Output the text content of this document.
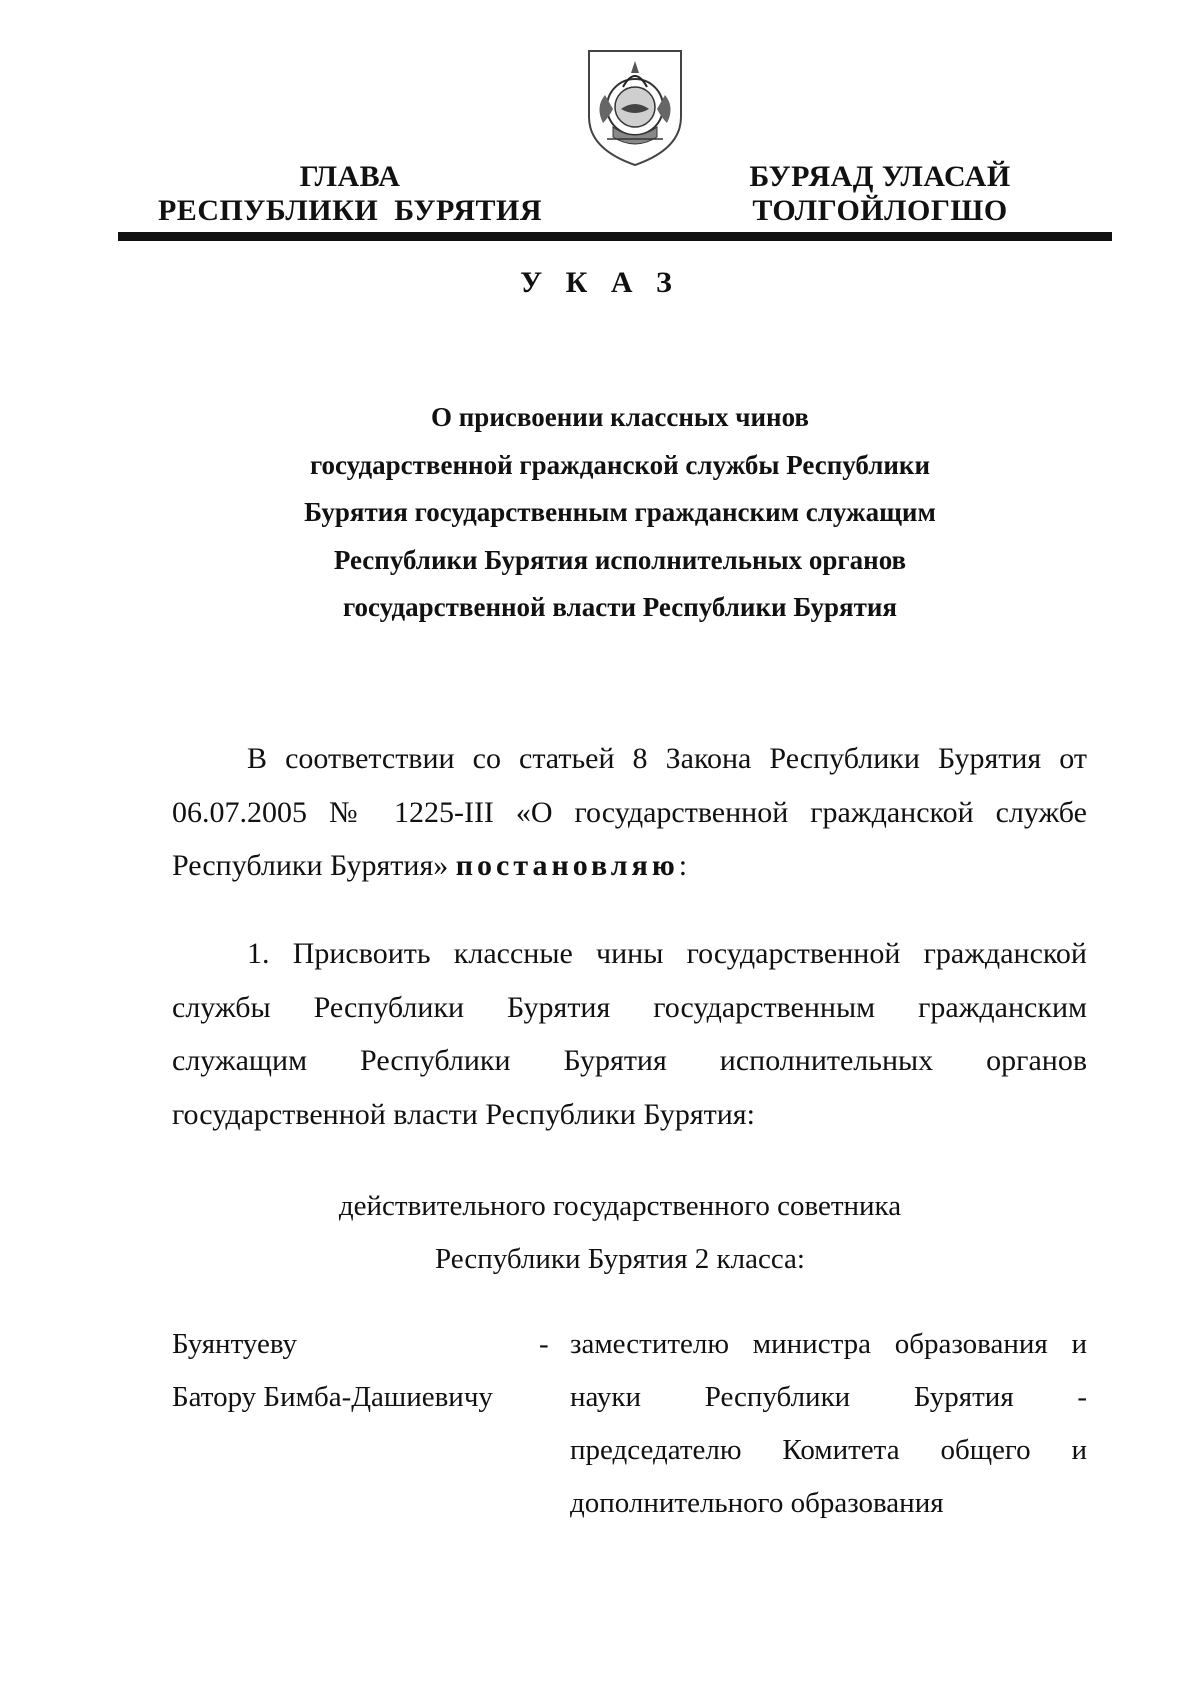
ГЛАВА
РЕСПУБЛИКИ  БУРЯТИЯ
БУРЯАД УЛАСАЙ
ТОЛГОЙЛОГШО
У К А З
О присвоении классных чинов
государственной гражданской службы Республики
Бурятия государственным гражданским служащим
Республики Бурятия исполнительных органов
государственной власти Республики Бурятия
В соответствии со статьей 8 Закона Республики Бурятия от 06.07.2005 № 1225-III «О государственной гражданской службе Республики Бурятия» постановляю:
1. Присвоить классные чины государственной гражданской службы Республики Бурятия государственным гражданским служащим Республики Бурятия исполнительных органов государственной власти Республики Бурятия:
действительного государственного советника
Республики Бурятия 2 класса:
Буянтуеву
Батору Бимба-Дашиевичу
- заместителю министра образования и науки Республики Бурятия - председателю Комитета общего и дополнительного образования
